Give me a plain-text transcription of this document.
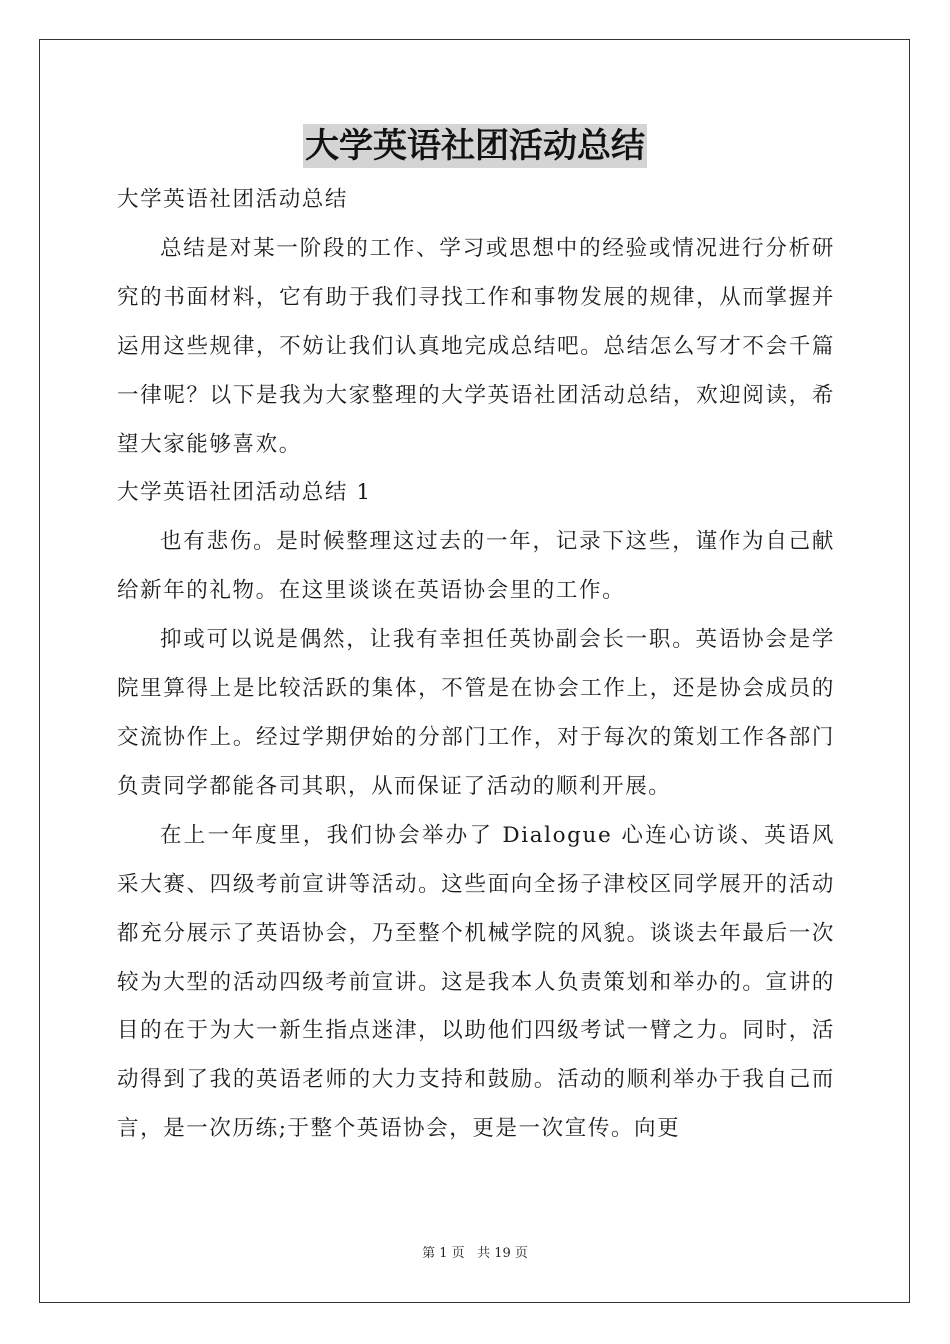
大学英语社团活动总结

大学英语社团活动总结

总结是对某一阶段的工作、学习或思想中的经验或情况进行分析研究的书面材料，它有助于我们寻找工作和事物发展的规律，从而掌握并运用这些规律，不妨让我们认真地完成总结吧。总结怎么写才不会千篇一律呢？以下是我为大家整理的大学英语社团活动总结，欢迎阅读，希望大家能够喜欢。

大学英语社团活动总结 1

也有悲伤。是时候整理这过去的一年，记录下这些，谨作为自己献给新年的礼物。在这里谈谈在英语协会里的工作。

抑或可以说是偶然，让我有幸担任英协副会长一职。英语协会是学院里算得上是比较活跃的集体，不管是在协会工作上，还是协会成员的交流协作上。经过学期伊始的分部门工作，对于每次的策划工作各部门负责同学都能各司其职，从而保证了活动的顺利开展。

在上一年度里，我们协会举办了 Dialogue 心连心访谈、英语风采大赛、四级考前宣讲等活动。这些面向全扬子津校区同学展开的活动都充分展示了英语协会，乃至整个机械学院的风貌。谈谈去年最后一次较为大型的活动四级考前宣讲。这是我本人负责策划和举办的。宣讲的目的在于为大一新生指点迷津，以助他们四级考试一臂之力。同时，活动得到了我的英语老师的大力支持和鼓励。活动的顺利举办于我自己而言，是一次历练;于整个英语协会，更是一次宣传。向更

第 1 页 共 19 页
